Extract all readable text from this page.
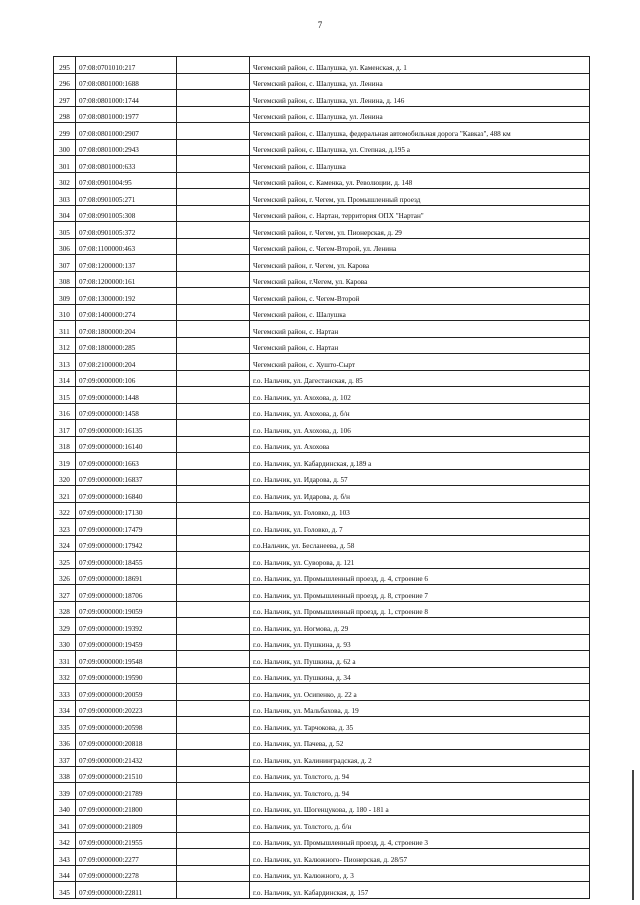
7
295	07:08:0701010:217		Чегемский район, с. Шалушка, ул. Каменская, д. 1
296	07:08:0801000:1688		Чегемский район, с. Шалушка, ул. Ленина
297	07:08:0801000:1744		Чегемский район, с. Шалушка, ул. Ленина, д. 146
298	07:08:0801000:1977		Чегемский район, с. Шалушка, ул. Ленина
299	07:08:0801000:2907		Чегемский район, с. Шалушка, федеральная автомобильная дорога "Кавказ", 488 км
300	07:08:0801000:2943		Чегемский район, с. Шалушка, ул. Степная, д.195 а
301	07:08:0801000:633		Чегемский район, с. Шалушка
302	07:08:0901004:95		Чегемский район, с. Каменка, ул. Революции, д. 148
303	07:08:0901005:271		Чегемский район, г. Чегем, ул. Промышленный проезд
304	07:08:0901005:308		Чегемский район, с. Нартан, территория ОПХ "Нартан"
305	07:08:0901005:372		Чегемский район, г. Чегем, ул. Пионерская, д. 29
306	07:08:1100000:463		Чегемский район, с. Чегем-Второй, ул. Ленина
307	07:08:1200000:137		Чегемский район, г. Чегем, ул. Карова
308	07:08:1200000:161		Чегемский район, г.Чегем, ул. Карова
309	07:08:1300000:192		Чегемский район, с. Чегем-Второй
310	07:08:1400000:274		Чегемский район, с. Шалушка
311	07:08:1800000:204		Чегемский район, с. Нартан
312	07:08:1800000:285		Чегемский район, с. Нартан
313	07:08:2100000:204		Чегемский район, с. Хушто-Сырт
314	07:09:0000000:106		г.о. Нальчик, ул. Дагестанская, д. 85
315	07:09:0000000:1448		г.о. Нальчик, ул. Ахохова, д. 102
316	07:09:0000000:1458		г.о. Нальчик, ул. Ахохова, д. б/н
317	07:09:0000000:16135		г.о. Нальчик, ул. Ахохова, д. 106
318	07:09:0000000:16140		г.о. Нальчик, ул. Ахохова
319	07:09:0000000:1663		г.о. Нальчик, ул. Кабардинская, д.189 а
320	07:09:0000000:16837		г.о. Нальчик, ул. Идарова, д. 57
321	07:09:0000000:16840		г.о. Нальчик, ул. Идарова, д. б/н
322	07:09:0000000:17130		г.о. Нальчик, ул. Головко, д. 103
323	07:09:0000000:17479		г.о. Нальчик, ул. Головко, д. 7
324	07:09:0000000:17942		г.о.Нальчик, ул. Бесланеева, д. 58
325	07:09:0000000:18455		г.о. Нальчик, ул. Суворова, д. 121
326	07:09:0000000:18691		г.о. Нальчик, ул. Промышленный проезд, д. 4, строение 6
327	07:09:0000000:18706		г.о. Нальчик, ул. Промышленный проезд, д. 8, строение 7
328	07:09:0000000:19059		г.о. Нальчик, ул. Промышленный проезд, д. 1, строение 8
329	07:09:0000000:19392		г.о. Нальчик, ул. Ногмова, д. 29
330	07:09:0000000:19459		г.о. Нальчик, ул. Пушкина, д. 93
331	07:09:0000000:19548		г.о. Нальчик, ул. Пушкина, д. 62 а
332	07:09:0000000:19590		г.о. Нальчик, ул. Пушкина, д. 34
333	07:09:0000000:20059		г.о. Нальчик, ул. Осипенко, д. 22 а
334	07:09:0000000:20223		г.о. Нальчик, ул. Мальбахова, д. 19
335	07:09:0000000:20598		г.о. Нальчик, ул. Тарчокова, д. 35
336	07:09:0000000:20818		г.о. Нальчик, ул. Пачева, д. 52
337	07:09:0000000:21432		г.о. Нальчик, ул. Калининградская, д. 2
338	07:09:0000000:21510		г.о. Нальчик, ул. Толстого, д. 94
339	07:09:0000000:21789		г.о. Нальчик, ул. Толстого, д. 94
340	07:09:0000000:21800		г.о. Нальчик, ул. Шогенцукова, д. 180 - 181 а
341	07:09:0000000:21809		г.о. Нальчик, ул. Толстого, д. б/н
342	07:09:0000000:21955		г.о. Нальчик, ул. Промышленный проезд, д. 4, строение 3
343	07:09:0000000:2277		г.о. Нальчик, ул. Калюжного- Пионерская, д. 28/57
344	07:09:0000000:2278		г.о. Нальчик, ул. Калюжного, д. 3
345	07:09:0000000:22811		г.о. Нальчик, ул. Кабардинская, д. 157
